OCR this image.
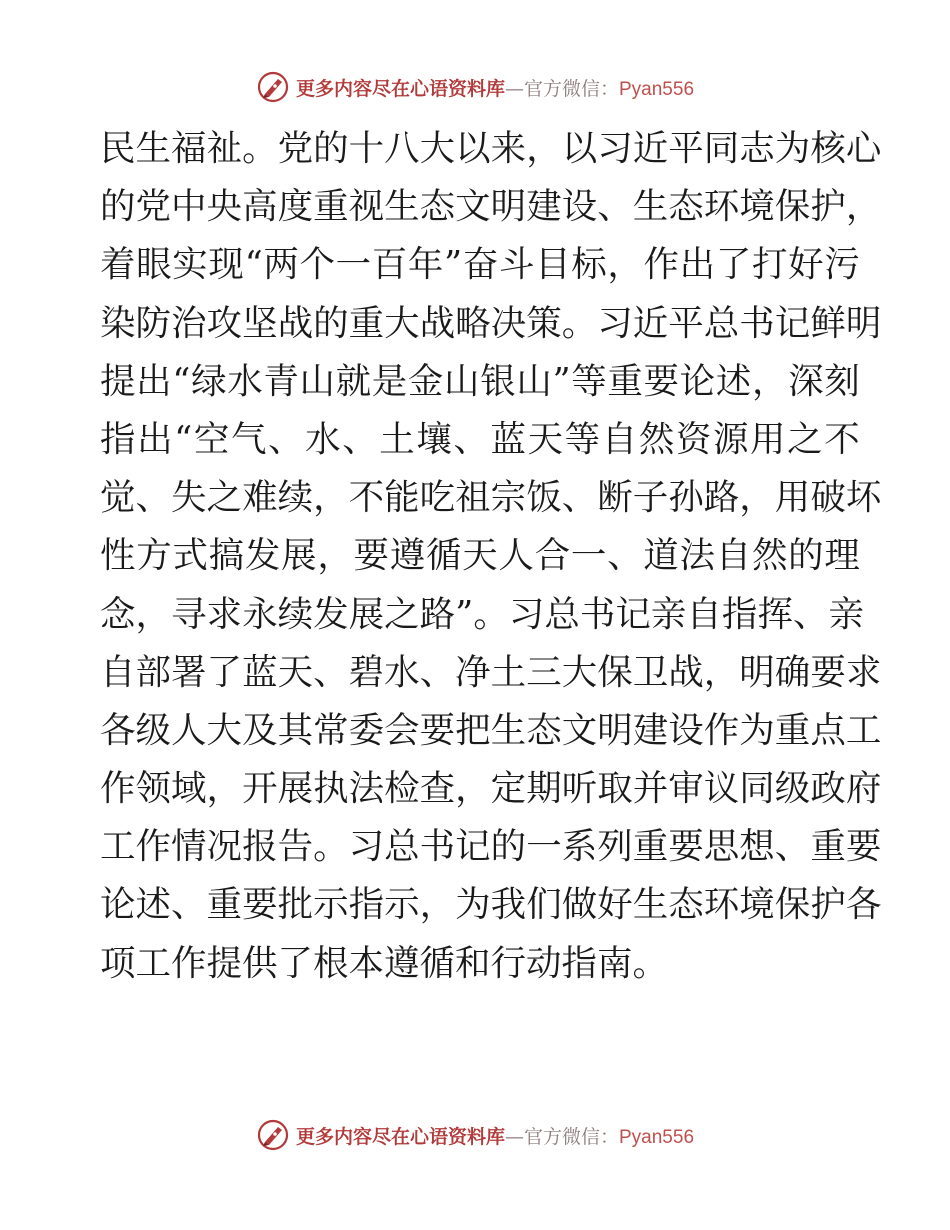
更多内容尽在心语资料库—官方微信：Pyan556
民 生 福 祉 。 党 的 十 八 大 以 来 ， 以 习 近 平 同 志 为 核 心
的 党 中 央 高 度 重 视 生 态 文 明 建 设 、 生 态 环 境 保 护 ，
着 眼 实 现 “ 两 个 一 百 年 ” 奋 斗 目 标 ， 作 出 了 打 好 污
染 防 治 攻 坚 战 的 重 大 战 略 决 策 。 习 近 平 总 书 记 鲜 明
提 出 “ 绿 水 青 山 就 是 金 山 银 山 ” 等 重 要 论 述 ， 深 刻
指 出 “ 空 气 、 水 、 土 壤 、 蓝 天 等 自 然 资 源 用 之 不
觉 、 失 之 难 续 ， 不 能 吃 祖 宗 饭 、 断 子 孙 路 ， 用 破 坏
性 方 式 搞 发 展 ， 要 遵 循 天 人 合 一 、 道 法 自 然 的 理
念 ， 寻 求 永 续 发 展 之 路 ” 。 习 总 书 记 亲 自 指 挥 、 亲
自 部 署 了 蓝 天 、 碧 水 、 净 土 三 大 保 卫 战 ， 明 确 要 求
各 级 人 大 及 其 常 委 会 要 把 生 态 文 明 建 设 作 为 重 点 工
作 领 域 ， 开 展 执 法 检 查 ， 定 期 听 取 并 审 议 同 级 政 府
工 作 情 况 报 告 。 习 总 书 记 的 一 系 列 重 要 思 想 、 重 要
论 述 、 重 要 批 示 指 示 ， 为 我 们 做 好 生 态 环 境 保 护 各
项工作提供了根本遵循和行动指南。
更多内容尽在心语资料库—官方微信：Pyan556
